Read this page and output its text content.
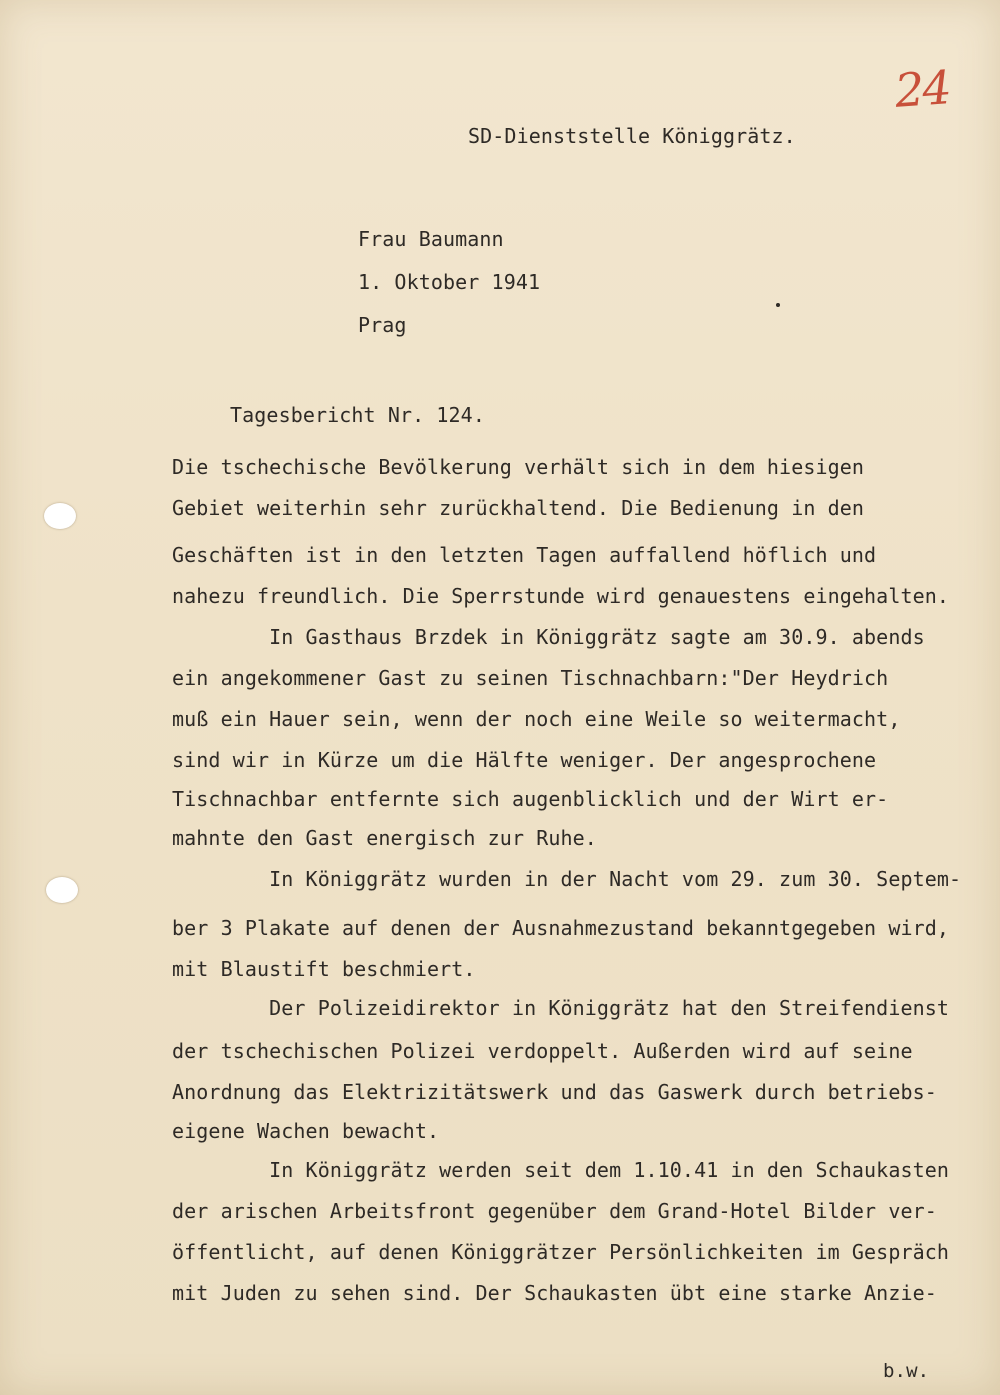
24
SD-Dienststelle Königgrätz.
Frau Baumann
1. Oktober 1941
Prag
Tagesbericht Nr. 124.
Die tschechische Bevölkerung verhält sich in dem hiesigen
Gebiet weiterhin sehr zurückhaltend. Die Bedienung in den
Geschäften ist in den letzten Tagen auffallend höflich und
nahezu freundlich. Die Sperrstunde wird genauestens eingehalten.
In Gasthaus Brzdek in Königgrätz sagte am 30.9. abends
ein angekommener Gast zu seinen Tischnachbarn:"Der Heydrich
muß ein Hauer sein, wenn der noch eine Weile so weitermacht,
sind wir in Kürze um die Hälfte weniger. Der angesprochene
Tischnachbar entfernte sich augenblicklich und der Wirt er-
mahnte den Gast energisch zur Ruhe.
In Königgrätz wurden in der Nacht vom 29. zum 30. Septem-
ber 3 Plakate auf denen der Ausnahmezustand bekanntgegeben wird,
mit Blaustift beschmiert.
Der Polizeidirektor in Königgrätz hat den Streifendienst
der tschechischen Polizei verdoppelt. Außerden wird auf seine
Anordnung das Elektrizitätswerk und das Gaswerk durch betriebs-
eigene Wachen bewacht.
In Königgrätz werden seit dem 1.10.41 in den Schaukasten
der arischen Arbeitsfront gegenüber dem Grand-Hotel Bilder ver-
öffentlicht, auf denen Königgrätzer Persönlichkeiten im Gespräch
mit Juden zu sehen sind. Der Schaukasten übt eine starke Anzie-
b.w.
